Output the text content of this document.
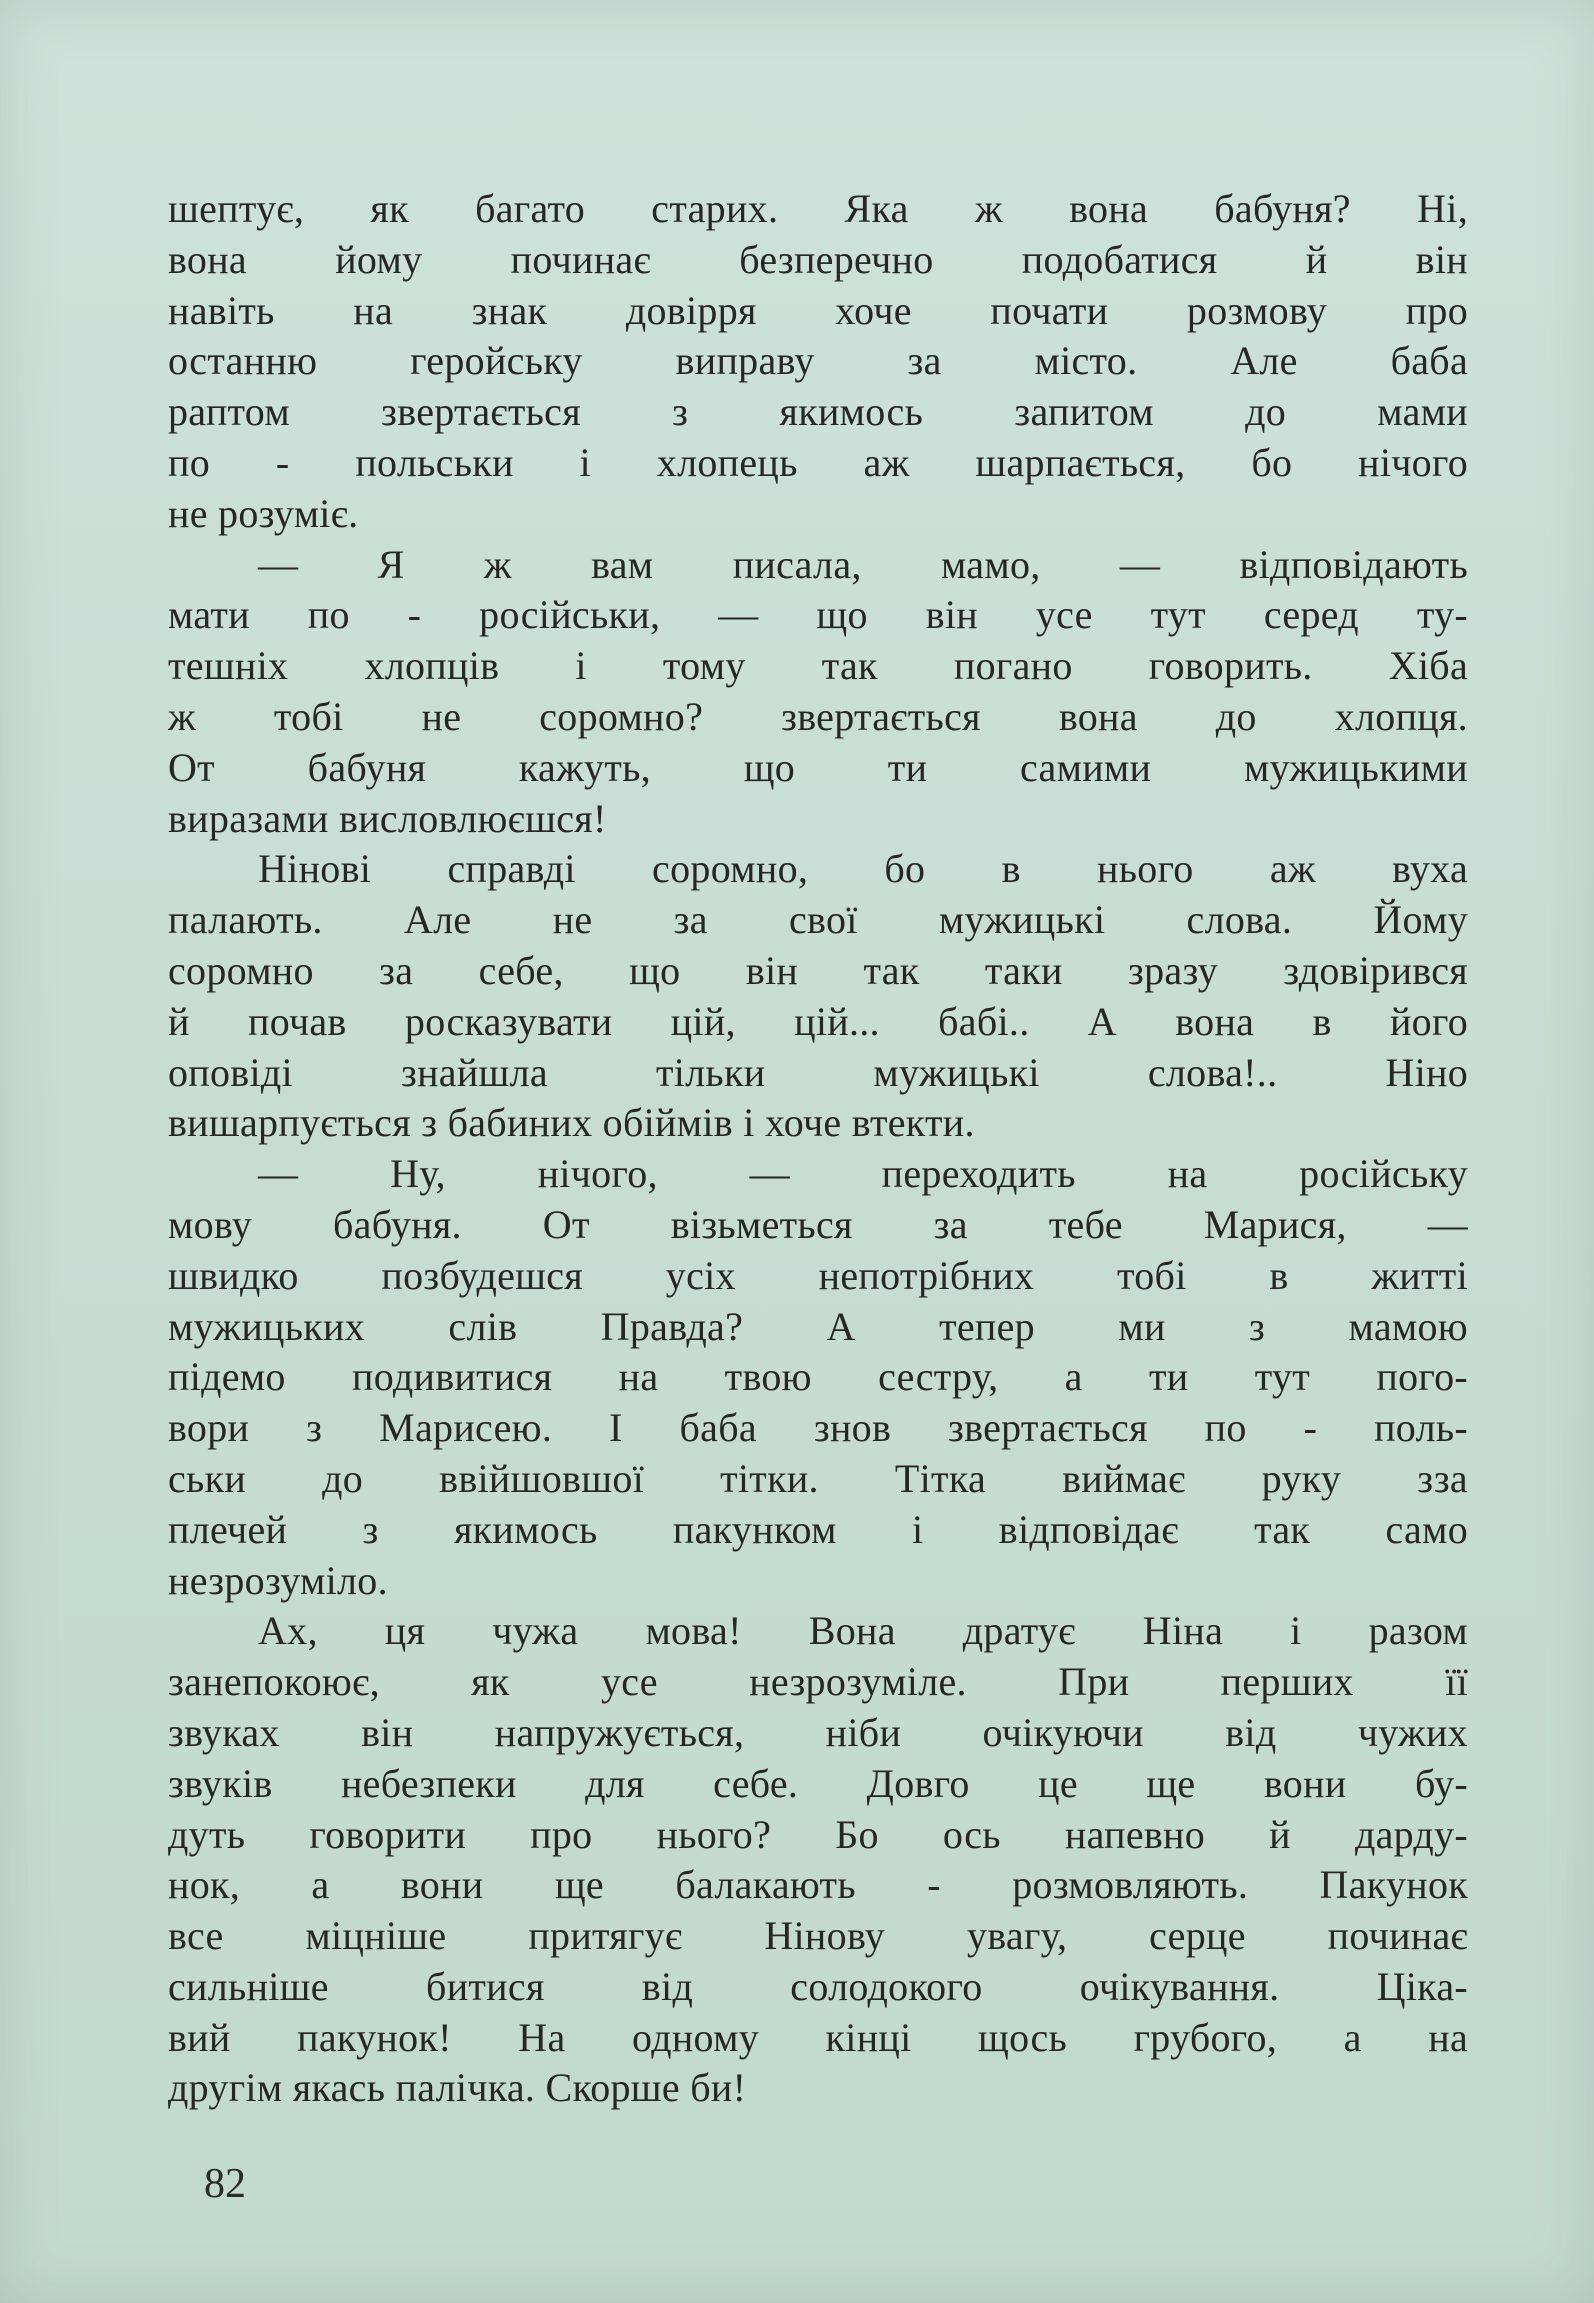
шептує, як багато старих. Яка ж вона бабуня? Ні,
вона йому починає безперечно подобатися й він
навіть на знак довірря хоче почати розмову про
останню геройську виправу за місто. Але баба
раптом звертається з якимось запитом до мами
по - польськи і хлопець аж шарпається, бо нічого
не розуміє.
— Я ж вам писала, мамо, — відповідають
мати по - російськи, — що він усе тут серед ту-
тешніх хлопців і тому так погано говорить. Хіба
ж тобі не соромно? звертається вона до хлопця.
От бабуня кажуть, що ти самими мужицькими
виразами висловлюєшся!
Нінові справді соромно, бо в нього аж вуха
палають. Але не за свої мужицькі слова. Йому
соромно за себе, що він так таки зразу здовірився
й почав росказувати цій, цій... бабі.. А вона в його
оповіді знайшла тільки мужицькі слова!.. Ніно
вишарпується з бабиних обіймів і хоче втекти.
— Ну, нічого, — переходить на російську
мову бабуня. От візьметься за тебе Марися, —
швидко позбудешся усіх непотрібних тобі в житті
мужицьких слів Правда? А тепер ми з мамою
підемо подивитися на твою сестру, а ти тут пого-
вори з Марисею. І баба знов звертається по - поль-
ськи до ввійшовшої тітки. Тітка виймає руку зза
плечей з якимось пакунком і відповідає так само
незрозуміло.
Ах, ця чужа мова! Вона дратує Ніна і разом
занепокоює, як усе незрозуміле. При перших її
звуках він напружується, ніби очікуючи від чужих
звуків небезпеки для себе. Довго це ще вони бу-
дуть говорити про нього? Бо ось напевно й дарду-
нок, а вони ще балакають - розмовляють. Пакунок
все міцніше притягує Нінову увагу, серце починає
сильніше битися від солодокого очікування. Ціка-
вий пакунок! На одному кінці щось грубого, а на
другім якась палічка. Скорше би!
82
